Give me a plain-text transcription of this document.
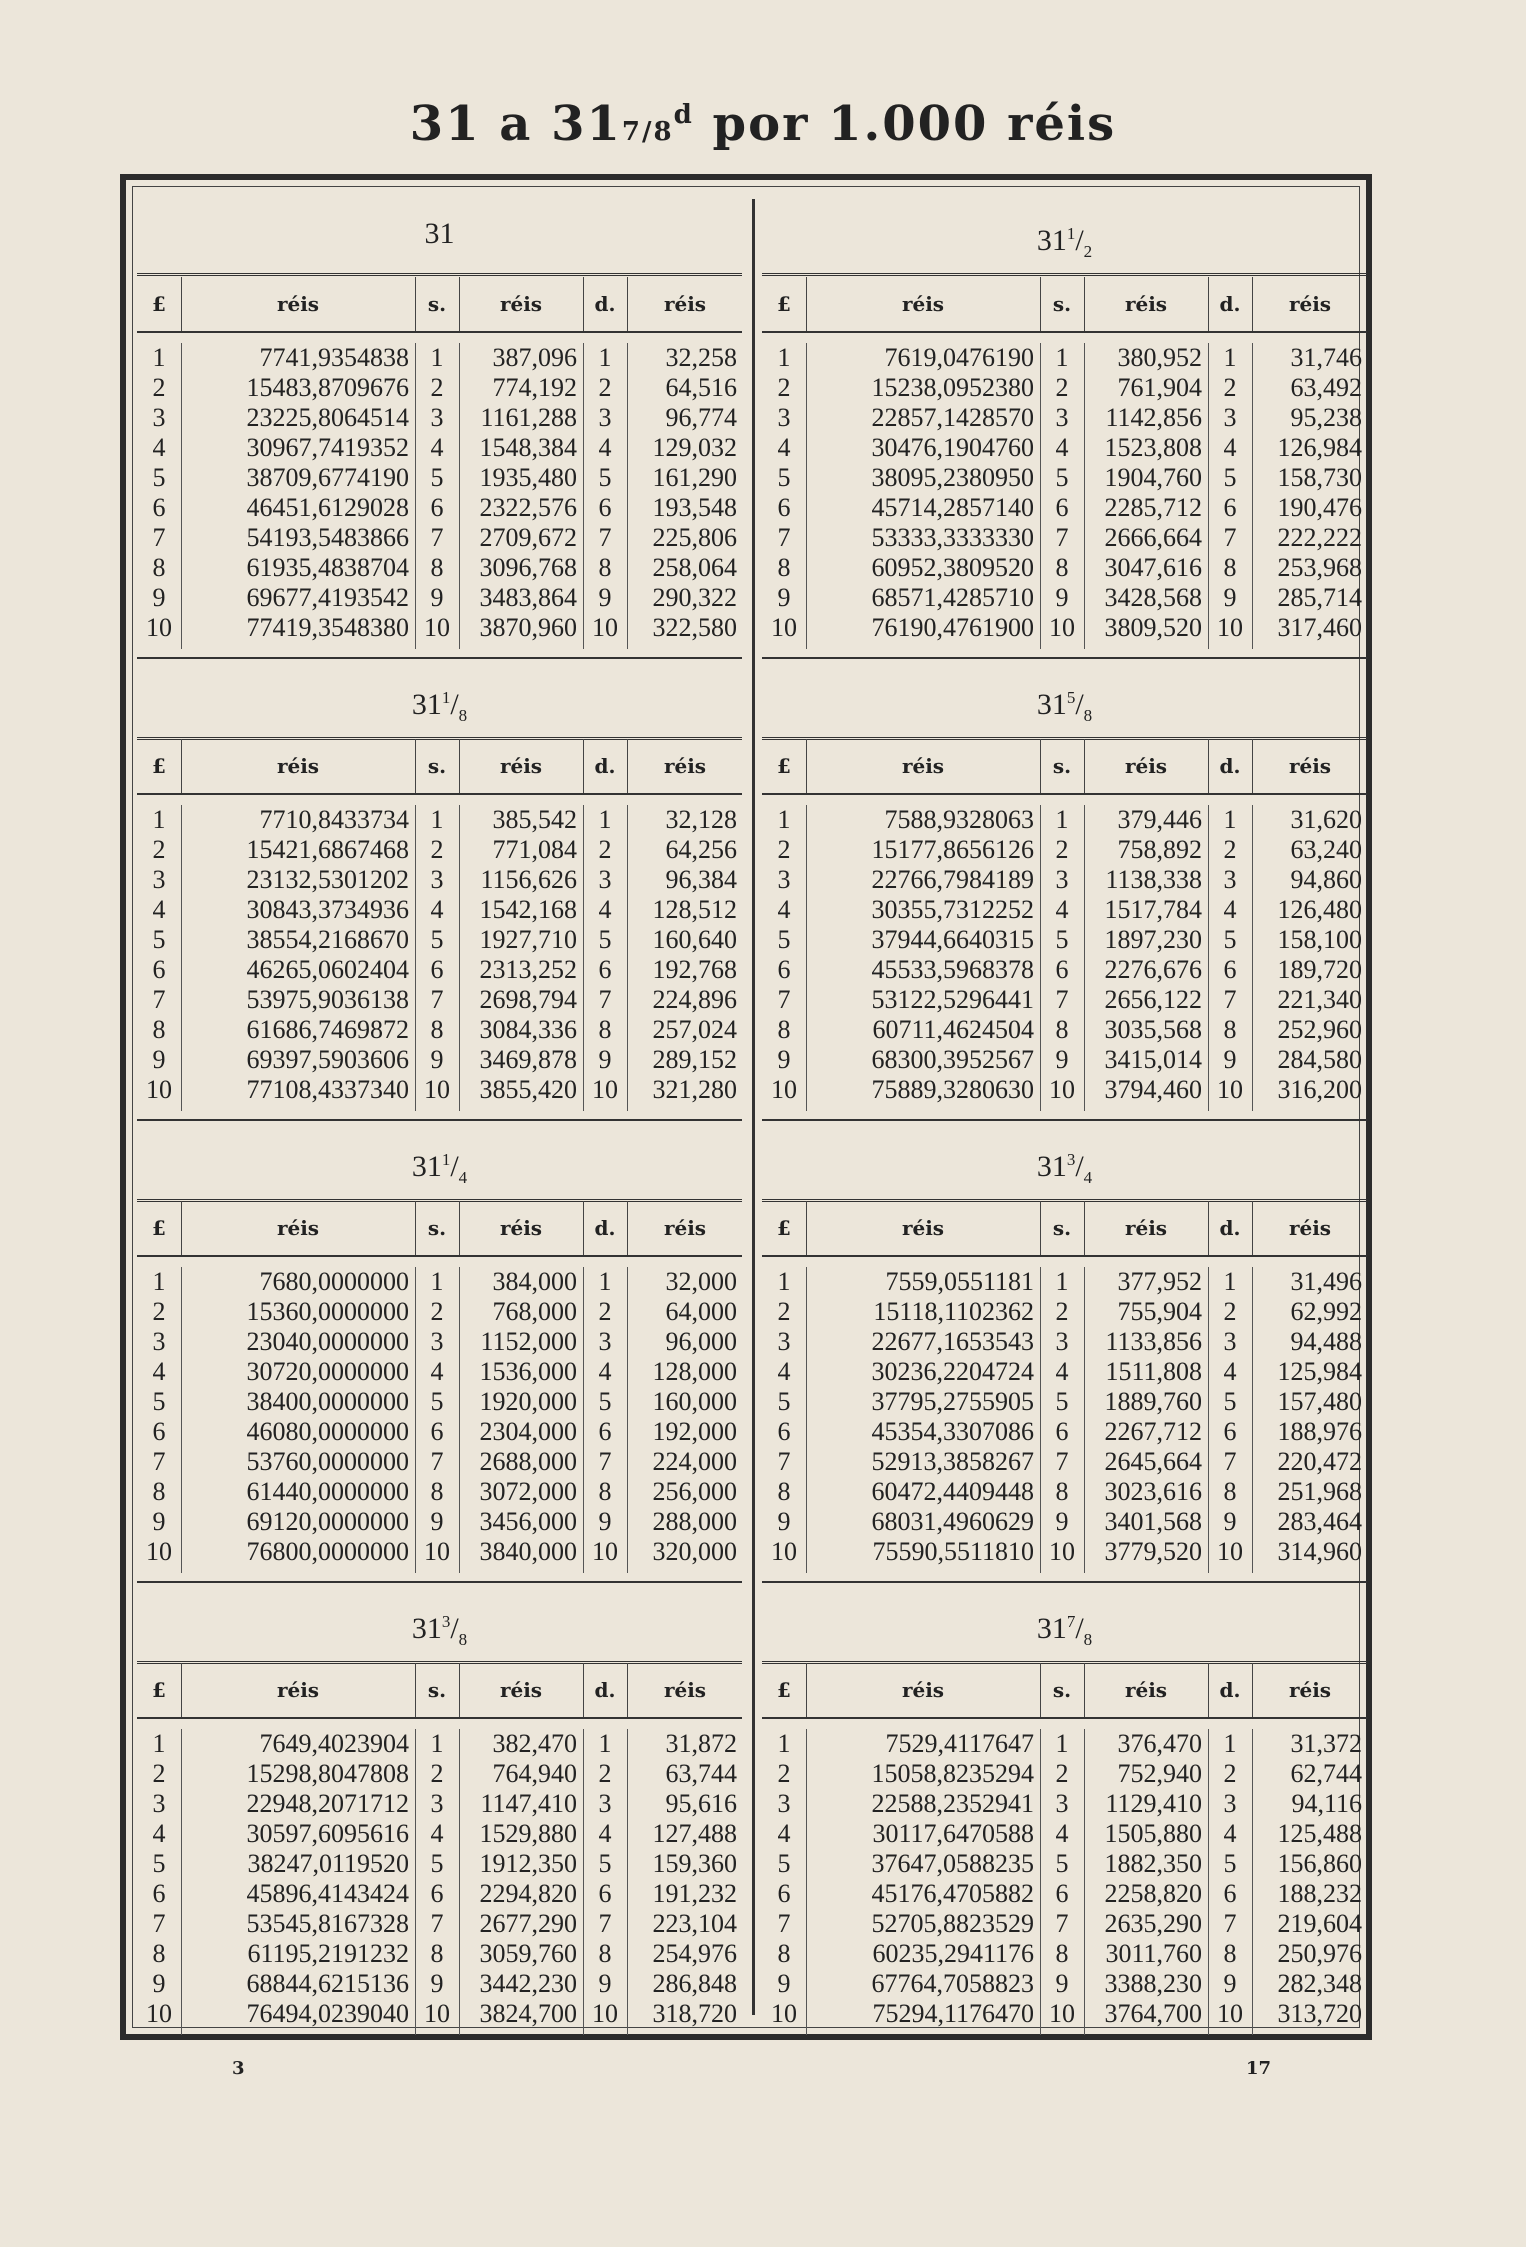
31 a 317/8$^d$ por 1.000 réis
31
£	réis	s.	réis	d.	réis
1	7741,9354838 1	387,096 1	32,258
2	15483,8709676 2	774,192 2	64,516
3	23225,8064514 3	1161,288 3	96,774
4	30967,7419352 4	1548,384 4	129,032
5	38709,6774190 5	1935,480 5	161,290
6	46451,6129028 6	2322,576 6	193,548
7	54193,5483866 7	2709,672 7	225,806
8	61935,4838704 8	3096,768 8	258,064
9	69677,4193542 9	3483,864 9	290,322
10	77419,3548380 10	3870,960 10	322,580
$31^1/_2$
£	réis	s.	réis	d.	réis
1	7619,0476190 1	380,952 1	31,746
2	15238,0952380 2	761,904 2	63,492
3	22857,1428570 3	1142,856 3	95,238
4	30476,1904760 4	1523,808 4	126,984
5	38095,2380950 5	1904,760 5	158,730
6	45714,2857140 6	2285,712 6	190,476
7	53333,3333330 7	2666,664 7	222,222
8	60952,3809520 8	3047,616 8	253,968
9	68571,4285710 9	3428,568 9	285,714
10	76190,4761900 10	3809,520 10	317,460
$31^1/_8$
£	réis	s.	réis	d.	réis
1	7710,8433734 1	385,542 1	32,128
2	15421,6867468 2	771,084 2	64,256
3	23132,5301202 3	1156,626 3	96,384
4	30843,3734936 4	1542,168 4	128,512
5	38554,2168670 5	1927,710 5	160,640
6	46265,0602404 6	2313,252 6	192,768
7	53975,9036138 7	2698,794 7	224,896
8	61686,7469872 8	3084,336 8	257,024
9	69397,5903606 9	3469,878 9	289,152
10	77108,4337340 10	3855,420 10	321,280
$31^5/_8$
£	réis	s.	réis	d.	réis
1	7588,9328063 1	379,446 1	31,620
2	15177,8656126 2	758,892 2	63,240
3	22766,7984189 3	1138,338 3	94,860
4	30355,7312252 4	1517,784 4	126,480
5	37944,6640315 5	1897,230 5	158,100
6	45533,5968378 6	2276,676 6	189,720
7	53122,5296441 7	2656,122 7	221,340
8	60711,4624504 8	3035,568 8	252,960
9	68300,3952567 9	3415,014 9	284,580
10	75889,3280630 10	3794,460 10	316,200
$31^1/_4$
£	réis	s.	réis	d.	réis
1	7680,0000000 1	384,000 1	32,000
2	15360,0000000 2	768,000 2	64,000
3	23040,0000000 3	1152,000 3	96,000
4	30720,0000000 4	1536,000 4	128,000
5	38400,0000000 5	1920,000 5	160,000
6	46080,0000000 6	2304,000 6	192,000
7	53760,0000000 7	2688,000 7	224,000
8	61440,0000000 8	3072,000 8	256,000
9	69120,0000000 9	3456,000 9	288,000
10	76800,0000000 10	3840,000 10	320,000
$31^3/_4$
£	réis	s.	réis	d.	réis
1	7559,0551181 1	377,952 1	31,496
2	15118,1102362 2	755,904 2	62,992
3	22677,1653543 3	1133,856 3	94,488
4	30236,2204724 4	1511,808 4	125,984
5	37795,2755905 5	1889,760 5	157,480
6	45354,3307086 6	2267,712 6	188,976
7	52913,3858267 7	2645,664 7	220,472
8	60472,4409448 8	3023,616 8	251,968
9	68031,4960629 9	3401,568 9	283,464
10	75590,5511810 10	3779,520 10	314,960
$31^3/_8$
£	réis	s.	réis	d.	réis
1	7649,4023904 1	382,470 1	31,872
2	15298,8047808 2	764,940 2	63,744
3	22948,2071712 3	1147,410 3	95,616
4	30597,6095616 4	1529,880 4	127,488
5	38247,0119520 5	1912,350 5	159,360
6	45896,4143424 6	2294,820 6	191,232
7	53545,8167328 7	2677,290 7	223,104
8	61195,2191232 8	3059,760 8	254,976
9	68844,6215136 9	3442,230 9	286,848
10	76494,0239040 10	3824,700 10	318,720
$31^7/_8$
£	réis	s.	réis	d.	réis
1	7529,4117647 1	376,470 1	31,372
2	15058,8235294 2	752,940 2	62,744
3	22588,2352941 3	1129,410 3	94,116
4	30117,6470588 4	1505,880 4	125,488
5	37647,0588235 5	1882,350 5	156,860
6	45176,4705882 6	2258,820 6	188,232
7	52705,8823529 7	2635,290 7	219,604
8	60235,2941176 8	3011,760 8	250,976
9	67764,7058823 9	3388,230 9	282,348
10	75294,1176470 10	3764,700 10	313,720
3	17
